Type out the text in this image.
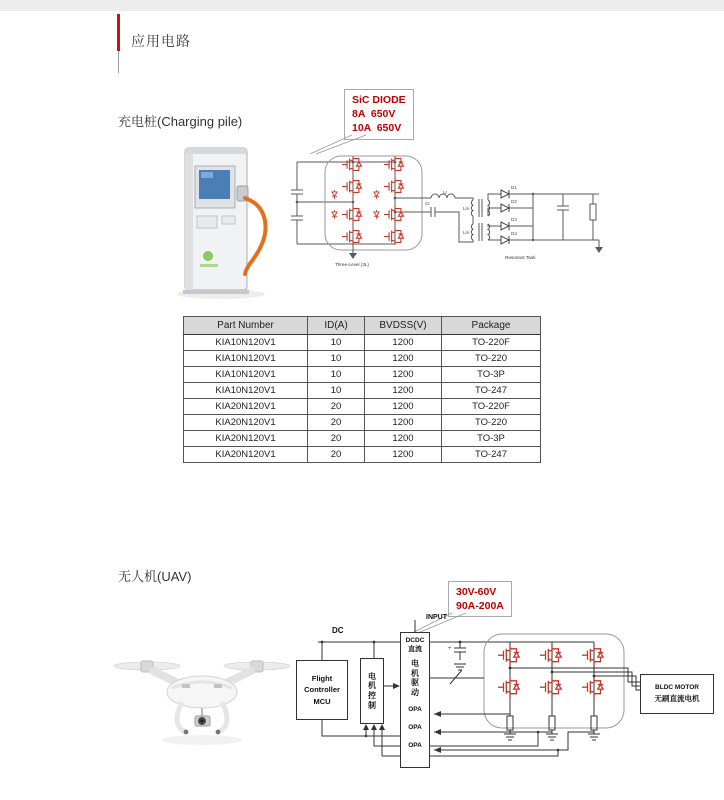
应用电路
充电桩(Charging pile)
SiC DIODE
8A  650V
10A  650V
Lr
Cr
Lm
Lm
D1
D2
D3
D4
Three-Level (3L)
Resonant Tank
Part Number	ID(A)	BVDSS(V)	Package
KIA10N120V1	10	1200	TO-220F
KIA10N120V1	10	1200	TO-220
KIA10N120V1	10	1200	TO-3P
KIA10N120V1	10	1200	TO-247
KIA20N120V1	20	1200	TO-220F
KIA20N120V1	20	1200	TO-220
KIA20N120V1	20	1200	TO-3P
KIA20N120V1	20	1200	TO-247
无人机(UAV)
30V-60V
90A-200A
+
DC
INPUT
Flight
Controller
MCU
电机控制
DCDC
直流
电机驱动
OPA
OPA
OPA
BLDC MOTOR
无刷直流电机
